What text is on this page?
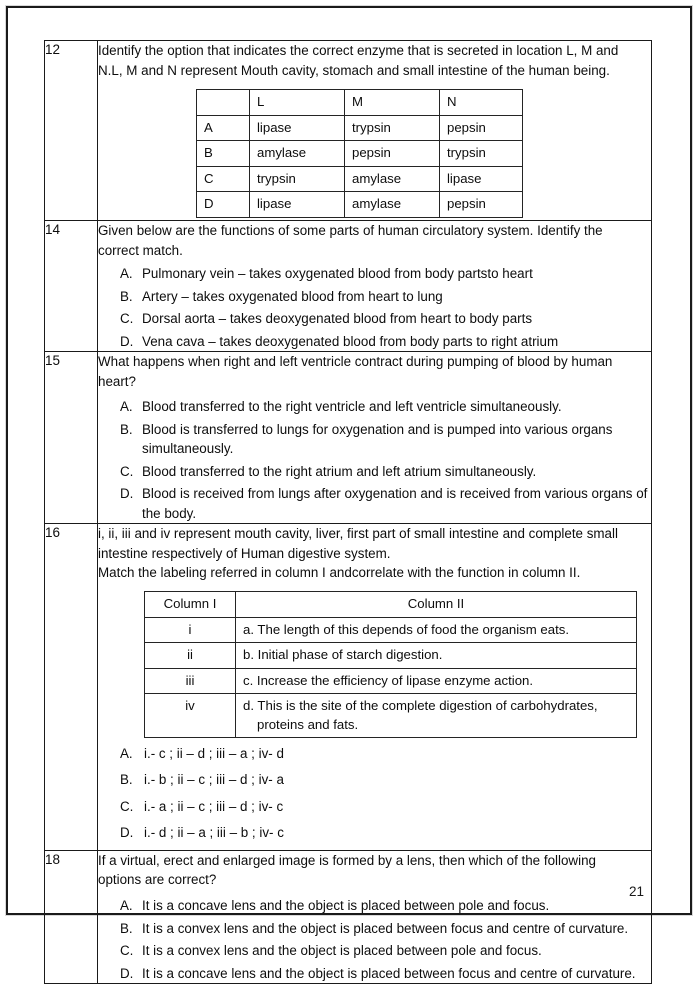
12	Identify the option that indicates the correct enzyme that is secreted in location L, M and
N.L, M and N represent Mouth cavity, stomach and small intestine of the human being.
	L	M	N
A	lipase	trypsin	pepsin
B	amylase	pepsin	trypsin
C	trypsin	amylase	lipase
D	lipase	amylase	pepsin

14	Given below are the functions of some parts of human circulatory system. Identify the
correct match.
A. Pulmonary vein – takes oxygenated blood from body partsto heart
B. Artery – takes oxygenated blood from heart to lung
C. Dorsal aorta – takes deoxygenated blood from heart to body parts
D. Vena cava – takes deoxygenated blood from body parts to right atrium

15	What happens when right and left ventricle contract during pumping of blood by human
heart?
A. Blood transferred to the right ventricle and left ventricle simultaneously.
B. Blood is transferred to lungs for oxygenation and is pumped into various organs simultaneously.
C. Blood transferred to the right atrium and left atrium simultaneously.
D. Blood is received from lungs after oxygenation and is received from various organs of the body.

16	i, ii, iii and iv represent mouth cavity, liver, first part of small intestine and complete small
intestine respectively of Human digestive system.
Match the labeling referred in column I andcorrelate with the function in column II.
Column I	Column II
i	a. The length of this depends of food the organism eats.
ii	b. Initial phase of starch digestion.
iii	c. Increase the efficiency of lipase enzyme action.
iv	d. This is the site of the complete digestion of carbohydrates,
proteins and fats.
A. i.- c ; ii – d ; iii – a ; iv- d
B. i.- b ; ii – c ; iii – d ; iv- a
C. i.- a ; ii – c ; iii – d ; iv- c
D. i.- d ; ii – a ; iii – b ; iv- c

18	If a virtual, erect and enlarged image is formed by a lens, then which of the following
options are correct?
A. It is a concave lens and the object is placed between pole and focus.
B. It is a convex lens and the object is placed between focus and centre of curvature.
C. It is a convex lens and the object is placed between pole and focus.
D. It is a concave lens and the object is placed between focus and centre of curvature.
21
